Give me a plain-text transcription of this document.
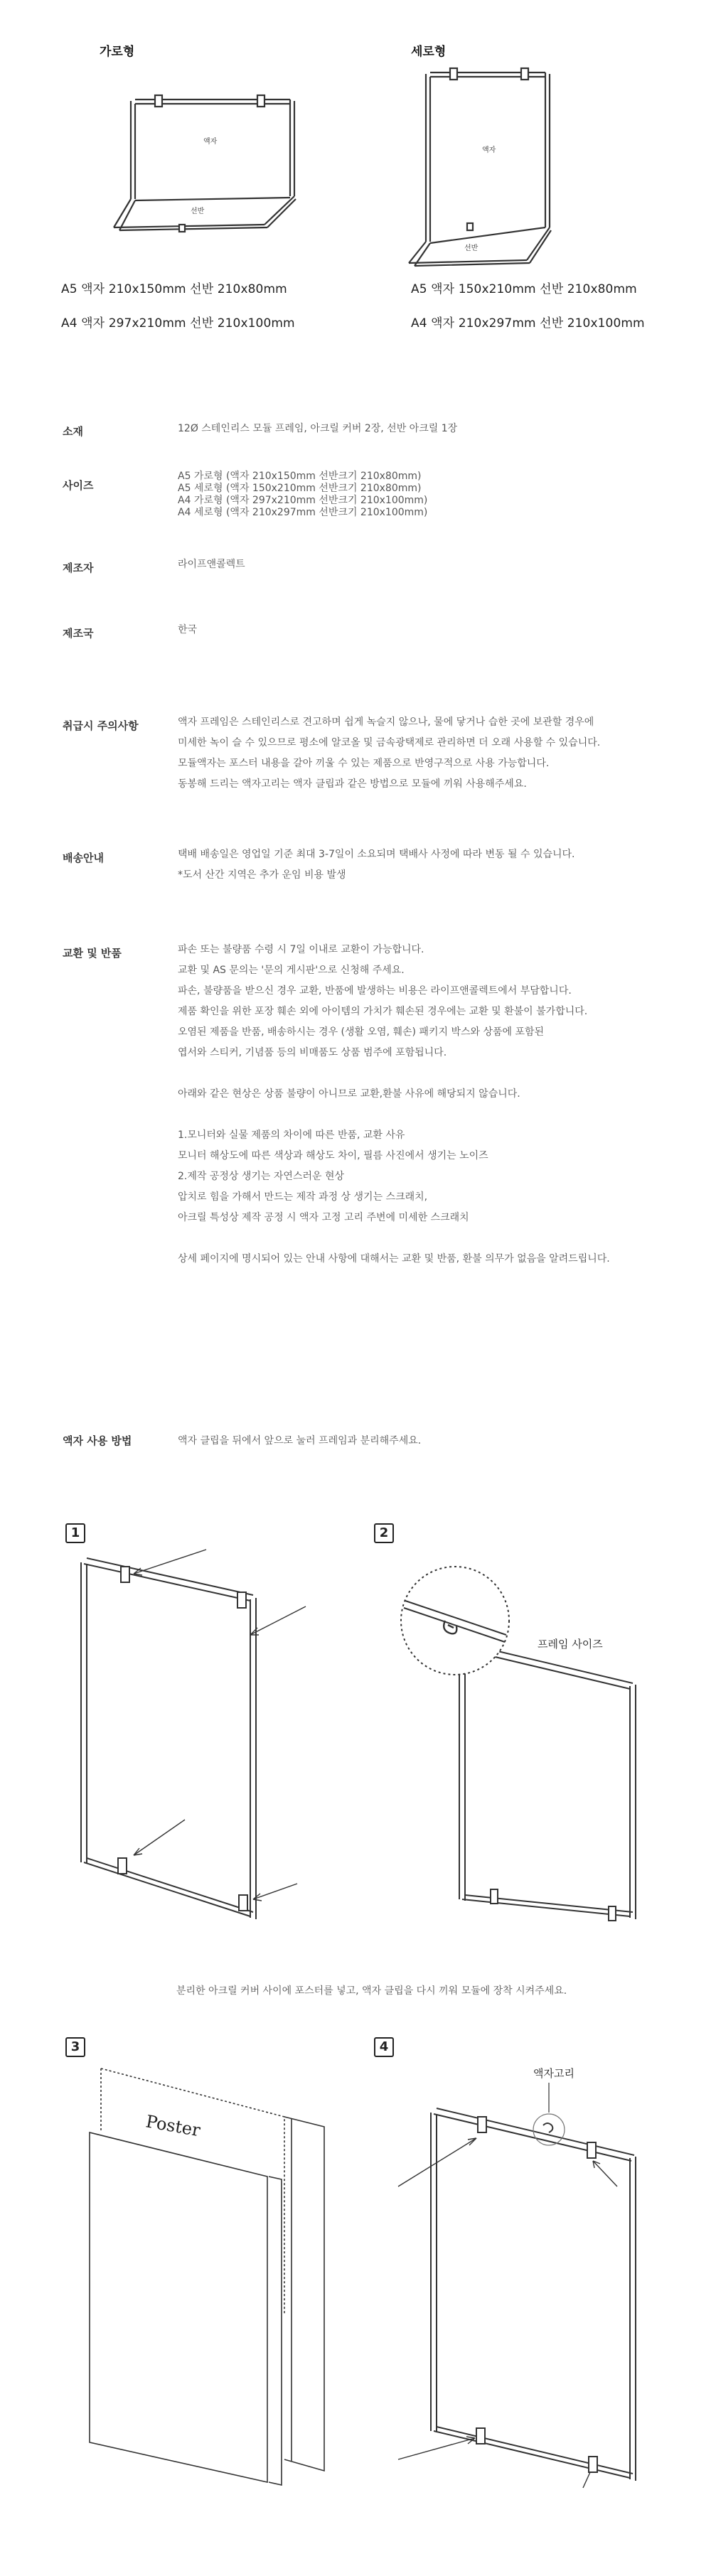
가로형	세로형
액자
선반
액자
선반
A5 액자 210x150mm 선반 210x80mm
A4 액자 297x210mm 선반 210x100mm
A5 액자 150x210mm 선반 210x80mm
A4 액자 210x297mm 선반 210x100mm
소재	12Ø 스테인리스 모듈 프레임, 아크릴 커버 2장, 선반 아크릴 1장
사이즈
A5 가로형 (액자 210x150mm 선반크기 210x80mm)
A5 세로형 (액자 150x210mm 선반크기 210x80mm)
A4 가로형 (액자 297x210mm 선반크기 210x100mm)
A4 세로형 (액자 210x297mm 선반크기 210x100mm)
제조자	라이프앤콜렉트
제조국	한국
취급시 주의사항	액자 프레임은 스테인리스로 견고하며 쉽게 녹슬지 않으나, 물에 닿거나 습한 곳에 보관할 경우에
미세한 녹이 슬 수 있으므로 평소에 알코올 및 금속광택제로 관리하면 더 오래 사용할 수 있습니다.
모듈액자는 포스터 내용을 갈아 끼울 수 있는 제품으로 반영구적으로 사용 가능합니다.
동봉해 드리는 액자고리는 액자 클립과 같은 방법으로 모듈에 끼워 사용해주세요.
배송안내	택배 배송일은 영업일 기준 최대 3-7일이 소요되며 택배사 사정에 따라 변동 될 수 있습니다.
*도서 산간 지역은 추가 운임 비용 발생
교환 및 반품	파손 또는 불량품 수령 시 7일 이내로 교환이 가능합니다.
교환 및 AS 문의는 '문의 게시판'으로 신청해 주세요.
파손, 불량품을 받으신 경우 교환, 반품에 발생하는 비용은 라이프앤콜렉트에서 부담합니다.
제품 확인을 위한 포장 훼손 외에 아이템의 가치가 훼손된 경우에는 교환 및 환불이 불가합니다.
오염된 제품을 반품, 배송하시는 경우 (생활 오염, 훼손) 패키지 박스와 상품에 포함된
엽서와 스티커, 기념품 등의 비매품도 상품 범주에 포함됩니다.
아래와 같은 현상은 상품 불량이 아니므로 교환,환불 사유에 해당되지 않습니다.
1.모니터와 실물 제품의 차이에 따른 반품, 교환 사유
모니터 해상도에 따른 색상과 해상도 차이, 필름 사진에서 생기는 노이즈
2.제작 공정상 생기는 자연스러운 현상
압치로 힘을 가해서 만드는 제작 과정 상 생기는 스크래치,
아크릴 특성상 제작 공정 시 액자 고정 고리 주변에 미세한 스크래치
상세 페이지에 명시되어 있는 안내 사항에 대해서는 교환 및 반품, 환불 의무가 없음을 알려드립니다.
액자 사용 방법	액자 클립을 뒤에서 앞으로 눌러 프레임과 분리해주세요.
1	2
프레임 사이즈
분리한 아크릴 커버 사이에 포스터를 넣고, 액자 클립을 다시 끼워 모듈에 장착 시켜주세요.
3
Poster
4
액자고리
